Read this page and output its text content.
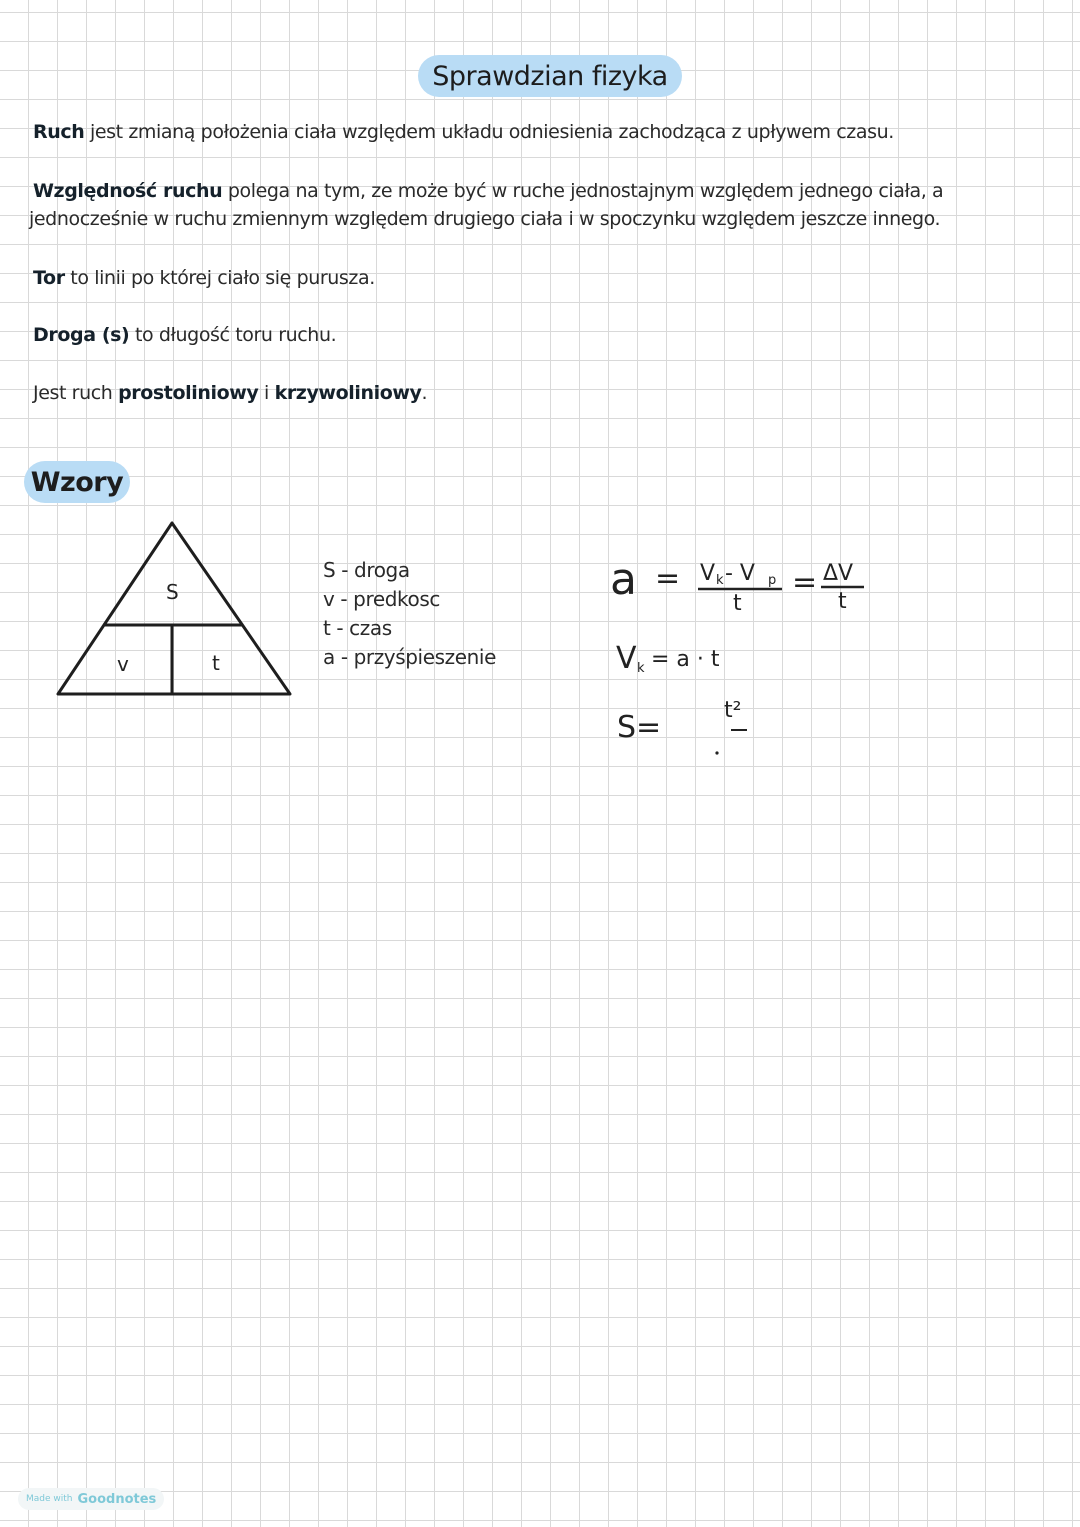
Sprawdzian fizyka
Ruch jest zmianą położenia ciała względem układu odniesienia zachodząca z upływem czasu.
Względność ruchu polega na tym, ze może być w ruche jednostajnym względem jednego ciała, a
jednocześnie w ruchu zmiennym względem drugiego ciała i w spoczynku względem jeszcze innego.
Tor to linii po której ciało się purusza.
Droga (s) to długość toru ruchu.
Jest ruch prostoliniowy i krzywoliniowy.
Wzory
S
v	t
a = V k - V p
t
= ΔV
t
V k = a · t
S=	t²
S - droga
v - predkosc
t - czas
a - przyśpieszenie
Made with Goodnotes
